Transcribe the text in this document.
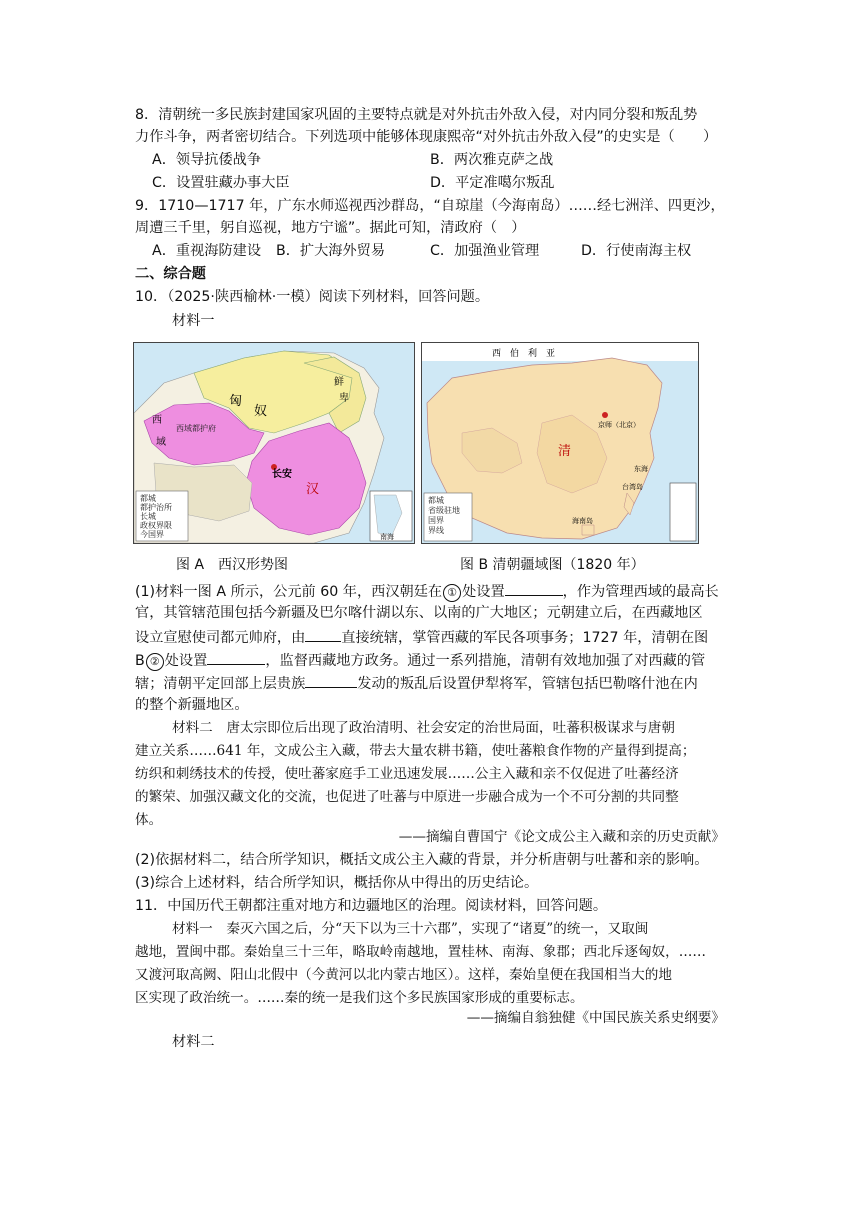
8．清朝统一多民族封建国家巩固的主要特点就是对外抗击外敌入侵，对内同分裂和叛乱势
力作斗争，两者密切结合。下列选项中能够体现康熙帝“对外抗击外敌入侵”的史实是（　　）
A．领导抗倭战争	B．两次雅克萨之战
C．设置驻藏办事大臣	D．平定准噶尔叛乱
9．1710—1717 年，广东水师巡视西沙群岛，“自琼崖（今海南岛）……经七洲洋、四更沙，
周遭三千里，躬自巡视，地方宁谧”。据此可知，清政府（　）
A．重视海防建设 B．扩大海外贸易	C．加强渔业管理	D．行使南海主权
二、综合题
10．（2025·陕西榆林·一模）阅读下列材料，回答问题。
材料一
都城
都护治所
长城
政权界限
今国界
匈
奴
鲜
卑
西域都护府
西
域
长安
汉
南海
都城
省级驻地
国界
界线
西　伯　利　亚
京师（北京）
清
台湾岛
海南岛
东海
图 A　西汉形势图	图 B 清朝疆域图（1820 年）
(1)材料一图 A 所示，公元前 60 年，西汉朝廷在 ① 处设置	，作为管理西域的最高长
官，其管辖范围包括今新疆及巴尔喀什湖以东、以南的广大地区；元朝建立后，在西藏地区
设立宣慰使司都元帅府，由	直接统辖，掌管西藏的军民各项事务；1727 年，清朝在图
B ② 处设置	，监督西藏地方政务。通过一系列措施，清朝有效地加强了对西藏的管
辖；清朝平定回部上层贵族	发动的叛乱后设置伊犁将军，管辖包括巴勒喀什池在内
的整个新疆地区。
材料二　唐太宗即位后出现了政治清明、社会安定的治世局面，吐蕃积极谋求与唐朝
建立关系……641 年，文成公主入藏，带去大量农耕书籍，使吐蕃粮食作物的产量得到提高；
纺织和刺绣技术的传授，使吐蕃家庭手工业迅速发展……公主入藏和亲不仅促进了吐蕃经济
的繁荣、加强汉藏文化的交流，也促进了吐蕃与中原进一步融合成为一个不可分割的共同整
体。
——摘编自曹国宁《论文成公主入藏和亲的历史贡献》
(2)依据材料二，结合所学知识，概括文成公主入藏的背景，并分析唐朝与吐蕃和亲的影响。
(3)综合上述材料，结合所学知识，概括你从中得出的历史结论。
11．中国历代王朝都注重对地方和边疆地区的治理。阅读材料，回答问题。
材料一　秦灭六国之后，分“天下以为三十六郡”，实现了“诸夏”的统一，又取闽
越地，置闽中郡。秦始皇三十三年，略取岭南越地，置桂林、南海、象郡；西北斥逐匈奴，……
又渡河取高阙、阳山北假中（今黄河以北内蒙古地区）。这样，秦始皇便在我国相当大的地
区实现了政治统一。……秦的统一是我们这个多民族国家形成的重要标志。
——摘编自翁独健《中国民族关系史纲要》
材料二
